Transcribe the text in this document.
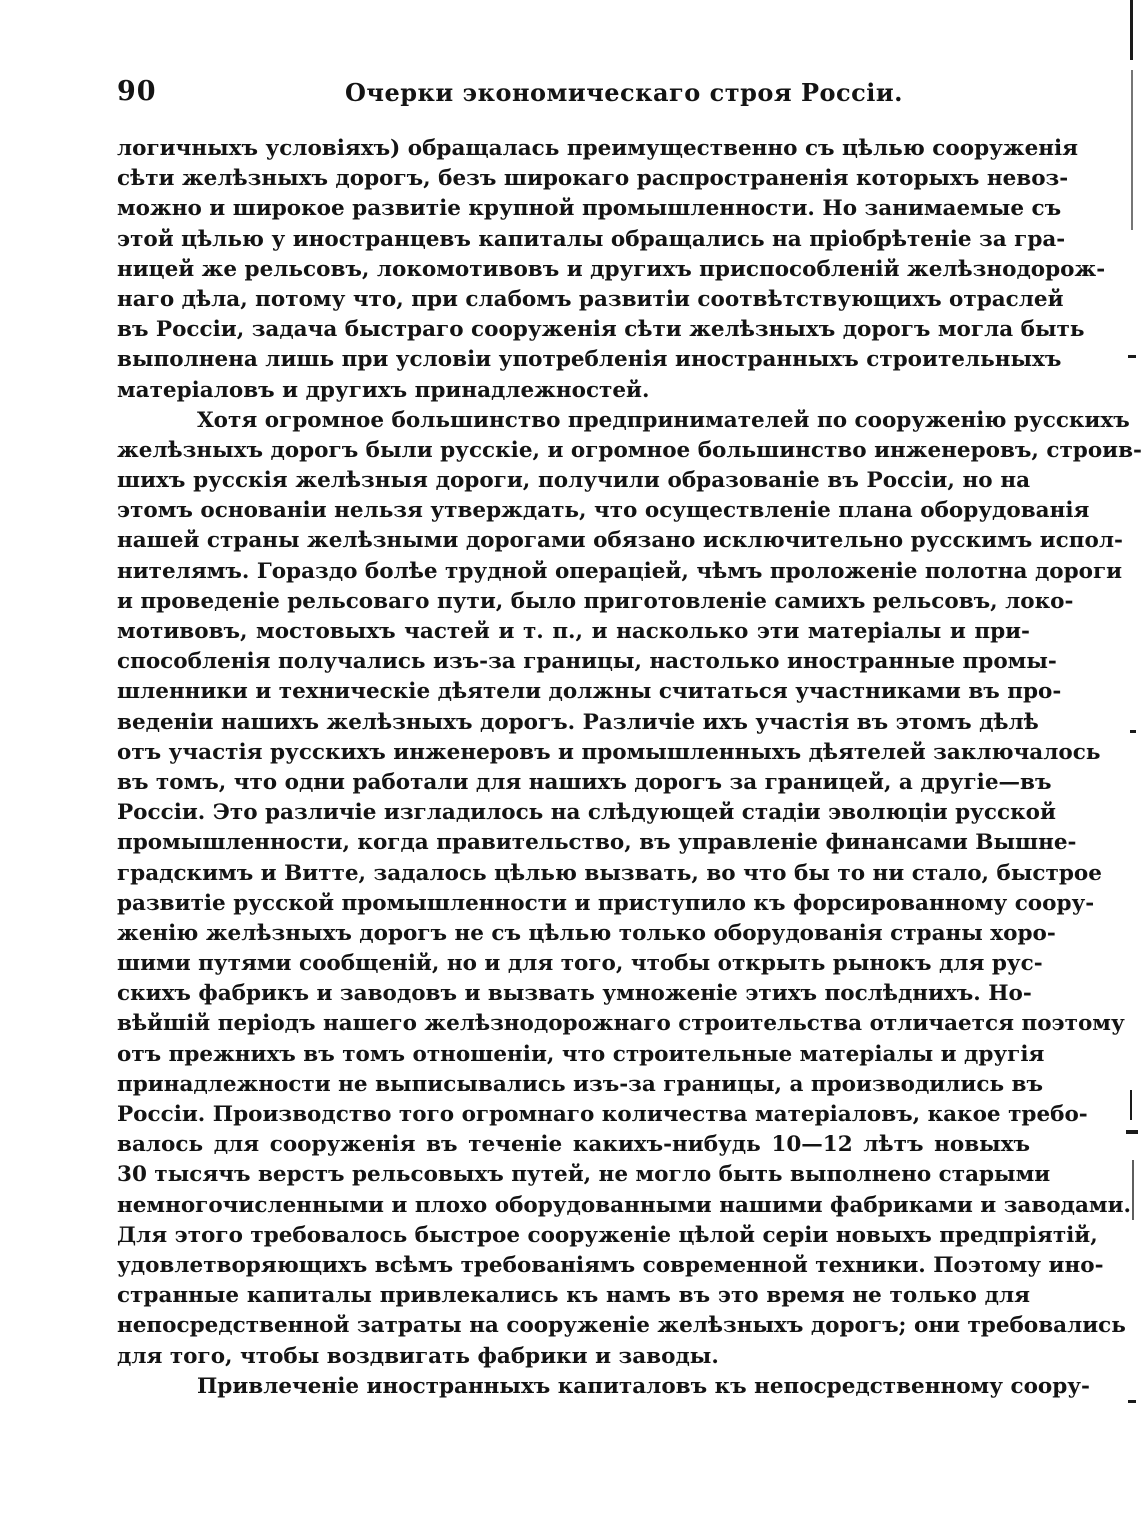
90	Очерки экономическаго строя Россіи.
логичныхъ условіяхъ) обращалась преимущественно съ цѣлью сооруженія
сѣти желѣзныхъ дорогъ, безъ широкаго распространенія которыхъ невоз-
можно и широкое развитіе крупной промышленности. Но занимаемые съ
этой цѣлью у иностранцевъ капиталы обращались на пріобрѣтеніе за гра-
ницей же рельсовъ, локомотивовъ и другихъ приспособленій желѣзнодорож-
наго дѣла, потому что, при слабомъ развитіи соотвѣтствующихъ отраслей
въ Россіи, задача быстраго сооруженія сѣти желѣзныхъ дорогъ могла быть
выполнена лишь при условіи употребленія иностранныхъ строительныхъ
матеріаловъ и другихъ принадлежностей.
Хотя огромное большинство предпринимателей по сооруженію русскихъ
желѣзныхъ дорогъ были русскіе, и огромное большинство инженеровъ, строив-
шихъ русскія желѣзныя дороги, получили образованіе въ Россіи, но на
этомъ основаніи нельзя утверждать, что осуществленіе плана оборудованія
нашей страны желѣзными дорогами обязано исключительно русскимъ испол-
нителямъ. Гораздо болѣе трудной операціей, чѣмъ проложеніе полотна дороги
и проведеніе рельсоваго пути, было приготовленіе самихъ рельсовъ, локо-
мотивовъ, мостовыхъ частей и т. п., и насколько эти матеріалы и при-
способленія получались изъ-за границы, настолько иностранные промы-
шленники и техническіе дѣятели должны считаться участниками въ про-
веденіи нашихъ желѣзныхъ дорогъ. Различіе ихъ участія въ этомъ дѣлѣ
отъ участія русскихъ инженеровъ и промышленныхъ дѣятелей заключалось
въ томъ, что одни работали для нашихъ дорогъ за границей, а другіе—въ
Россіи. Это различіе изгладилось на слѣдующей стадіи эволюціи русской
промышленности, когда правительство, въ управленіе финансами Вышне-
градскимъ и Витте, задалось цѣлью вызвать, во что бы то ни стало, быстрое
развитіе русской промышленности и приступило къ форсированному соору-
женію желѣзныхъ дорогъ не съ цѣлью только оборудованія страны хоро-
шими путями сообщеній, но и для того, чтобы открыть рынокъ для рус-
скихъ фабрикъ и заводовъ и вызвать умноженіе этихъ послѣднихъ. Но-
вѣйшій періодъ нашего желѣзнодорожнаго строительства отличается поэтому
отъ прежнихъ въ томъ отношеніи, что строительные матеріалы и другія
принадлежности не выписывались изъ-за границы, а производились въ
Россіи. Производство того огромнаго количества матеріаловъ, какое требо-
валось для сооруженія въ теченіе какихъ-нибудь 10—12 лѣтъ новыхъ
30 тысячъ верстъ рельсовыхъ путей, не могло быть выполнено старыми
немногочисленными и плохо оборудованными нашими фабриками и заводами.
Для этого требовалось быстрое сооруженіе цѣлой серіи новыхъ предпріятій,
удовлетворяющихъ всѣмъ требованіямъ современной техники. Поэтому ино-
странные капиталы привлекались къ намъ въ это время не только для
непосредственной затраты на сооруженіе желѣзныхъ дорогъ; они требовались
для того, чтобы воздвигать фабрики и заводы.
Привлеченіе иностранныхъ капиталовъ къ непосредственному соору-
